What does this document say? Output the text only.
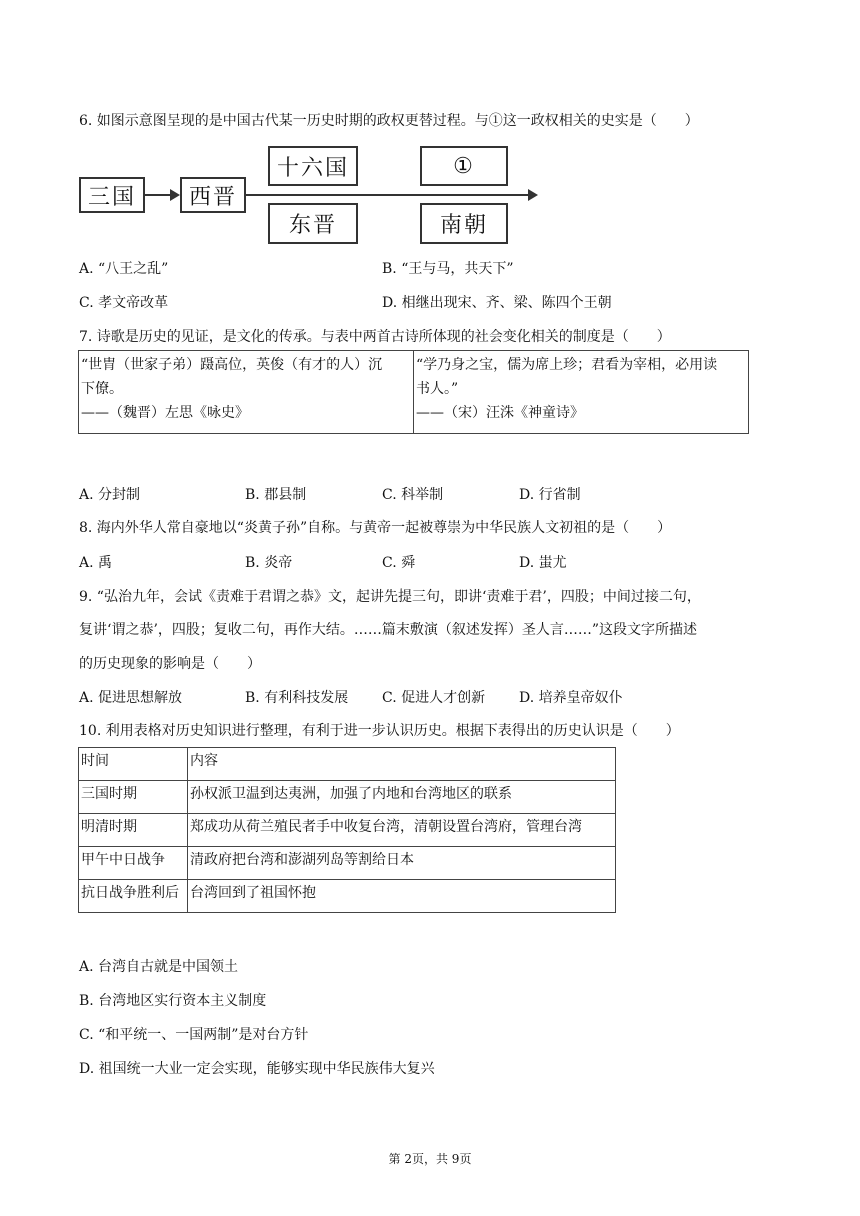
6. 如图示意图呈现的是中国古代某一历史时期的政权更替过程。与①这一政权相关的史实是（　　）
三国	西晋
十六国
东晋
①
南朝
A. “八王之乱”	B. “王与马，共天下”
C. 孝文帝改革	D. 相继出现宋、齐、梁、陈四个王朝
7. 诗歌是历史的见证，是文化的传承。与表中两首古诗所体现的社会变化相关的制度是（　　）
“世胄（世家子弟）蹑高位，英俊（有才的人）沉
下僚。
——（魏晋）左思《咏史》

“学乃身之宝，儒为席上珍；君看为宰相，必用读
书人。”
——（宋）汪洙《神童诗》
A. 分封制	B. 郡县制	C. 科举制	D. 行省制
8. 海内外华人常自豪地以“炎黄子孙”自称。与黄帝一起被尊崇为中华民族人文初祖的是（　　）
A. 禹	B. 炎帝	C. 舜	D. 蚩尤
9. “弘治九年，会试《责难于君谓之恭》文，起讲先提三句，即讲‘责难于君’，四股；中间过接二句，
复讲‘谓之恭’，四股；复收二句，再作大结。……篇末敷演（叙述发挥）圣人言……”这段文字所描述
的历史现象的影响是（　　）
A. 促进思想解放	B. 有利科技发展 C. 促进人才创新 D. 培养皇帝奴仆
10. 利用表格对历史知识进行整理，有利于进一步认识历史。根据下表得出的历史认识是（　　）
时间	内容
三国时期	孙权派卫温到达夷洲，加强了内地和台湾地区的联系
明清时期	郑成功从荷兰殖民者手中收复台湾，清朝设置台湾府，管理台湾
甲午中日战争	清政府把台湾和澎湖列岛等割给日本
抗日战争胜利后	台湾回到了祖国怀抱
A. 台湾自古就是中国领土
B. 台湾地区实行资本主义制度
C. “和平统一、一国两制”是对台方针
D. 祖国统一大业一定会实现，能够实现中华民族伟大复兴
第 2页，共 9页
